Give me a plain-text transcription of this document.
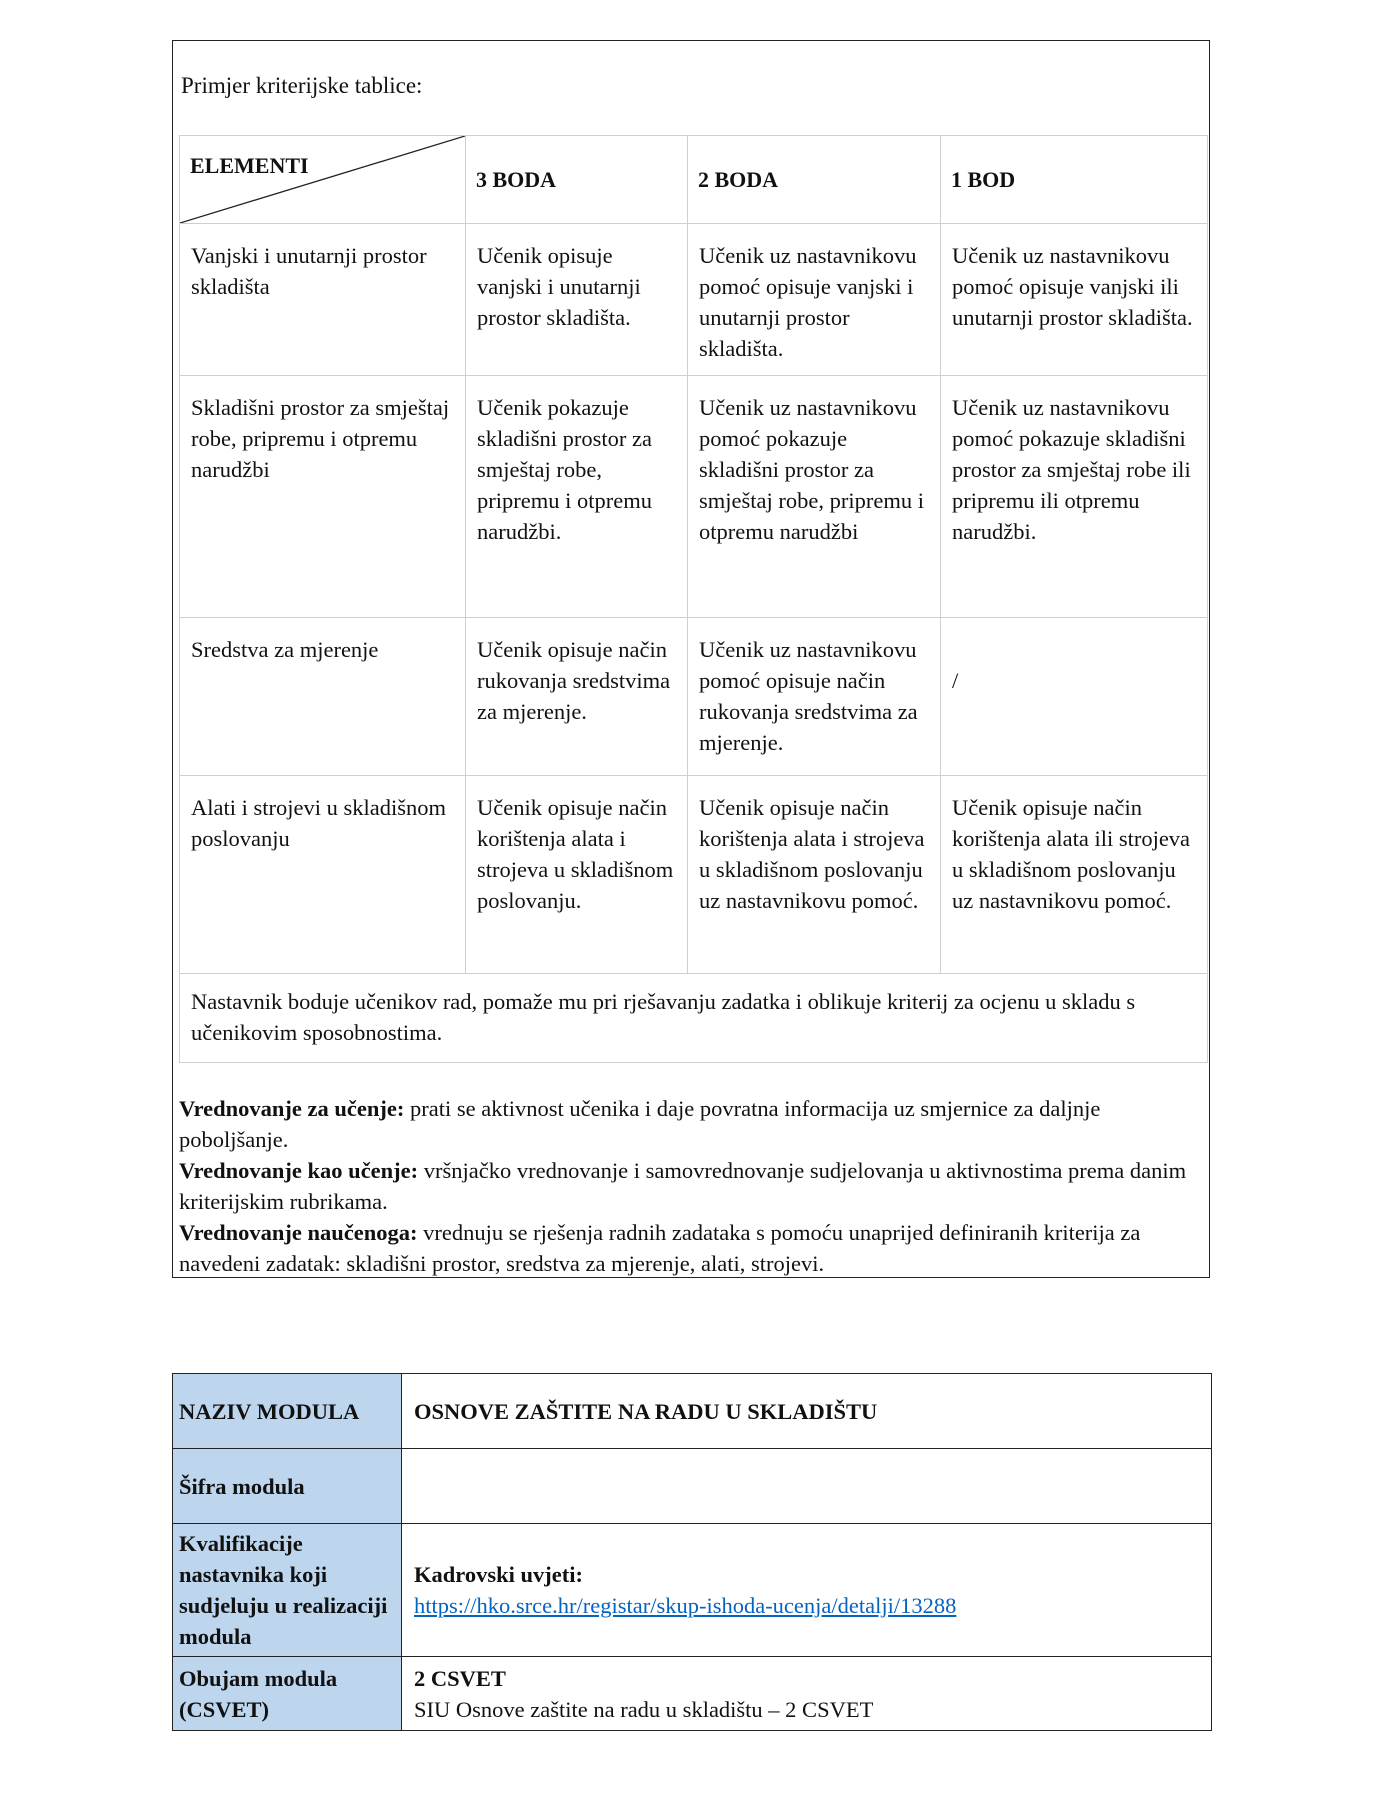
Primjer kriterijske tablice:
ELEMENTI	3 BODA	2 BODA	1 BOD
Vanjski i unutarnji prostor skladišta	Učenik opisuje vanjski i unutarnji prostor skladišta.	Učenik uz nastavnikovu pomoć opisuje vanjski i unutarnji prostor skladišta.	Učenik uz nastavnikovu pomoć opisuje vanjski ili unutarnji prostor skladišta.
Skladišni prostor za smještaj robe, pripremu i otpremu narudžbi	Učenik pokazuje skladišni prostor za smještaj robe, pripremu i otpremu narudžbi.	Učenik uz nastavnikovu pomoć pokazuje skladišni prostor za smještaj robe, pripremu i otpremu narudžbi	Učenik uz nastavnikovu pomoć pokazuje skladišni prostor za smještaj robe ili pripremu ili otpremu narudžbi.
Sredstva za mjerenje	Učenik opisuje način rukovanja sredstvima za mjerenje.	Učenik uz nastavnikovu pomoć opisuje način rukovanja sredstvima za mjerenje.	/
Alati i strojevi u skladišnom poslovanju	Učenik opisuje način korištenja alata i strojeva u skladišnom poslovanju.	Učenik opisuje način korištenja alata i strojeva u skladišnom poslovanju uz nastavnikovu pomoć.	Učenik opisuje način korištenja alata ili strojeva u skladišnom poslovanju uz nastavnikovu pomoć.
Nastavnik boduje učenikov rad, pomaže mu pri rješavanju zadatka i oblikuje kriterij za ocjenu u skladu s učenikovim sposobnostima.			

Vrednovanje za učenje: prati se aktivnost učenika i daje povratna informacija uz smjernice za daljnje poboljšanje.

Vrednovanje kao učenje: vršnjačko vrednovanje i samovrednovanje sudjelovanja u aktivnostima prema danim kriterijskim rubrikama.

Vrednovanje naučenoga: vrednuju se rješenja radnih zadataka s pomoću unaprijed definiranih kriterija za navedeni zadatak: skladišni prostor, sredstva za mjerenje, alati, strojevi.

NAZIV MODULA	OSNOVE ZAŠTITE NA RADU U SKLADIŠTU
Šifra modula	
Kvalifikacije nastavnika koji sudjeluju u realizaciji modula	Kadrovski uvjeti:
https://hko.srce.hr/registar/skup-ishoda-ucenja/detalji/13288

Obujam modula (CSVET)	2 CSVET
SIU Osnove zaštite na radu u skladištu – 2 CSVET
